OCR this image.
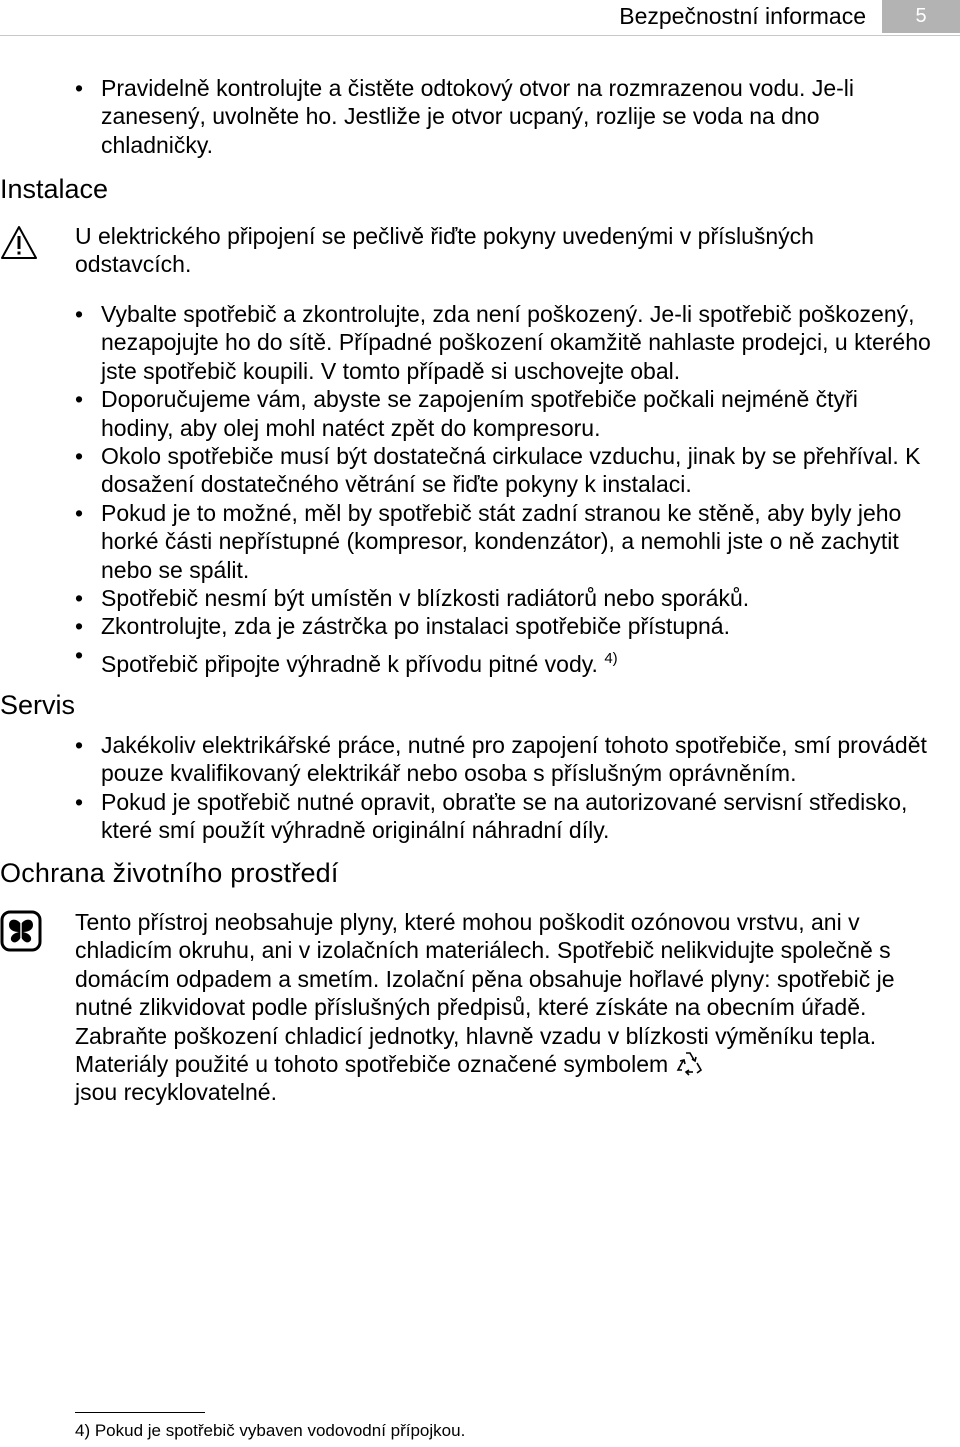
Bezpečnostní informace	5
• Pravidelně kontrolujte a čistěte odtokový otvor na rozmrazenou vodu. Je-li zanesený, uvolněte ho. Jestliže je otvor ucpaný, rozlije se voda na dno chladničky.
Instalace
U elektrického připojení se pečlivě řiďte pokyny uvedenými v příslušných odstavcích.
• Vybalte spotřebič a zkontrolujte, zda není poškozený. Je-li spotřebič poškozený, nezapojujte ho do sítě. Případné poškození okamžitě nahlaste prodejci, u kterého jste spotřebič koupili. V tomto případě si uschovejte obal.
• Doporučujeme vám, abyste se zapojením spotřebiče počkali nejméně čtyři hodiny, aby olej mohl natéct zpět do kompresoru.
• Okolo spotřebiče musí být dostatečná cirkulace vzduchu, jinak by se přehříval. K dosažení dostatečného větrání se řiďte pokyny k instalaci.
• Pokud je to možné, měl by spotřebič stát zadní stranou ke stěně, aby byly jeho horké části nepřístupné (kompresor, kondenzátor), a nemohli jste o ně zachytit nebo se spálit.
• Spotřebič nesmí být umístěn v blízkosti radiátorů nebo sporáků.
• Zkontrolujte, zda je zástrčka po instalaci spotřebiče přístupná.
• Spotřebič připojte výhradně k přívodu pitné vody. $^{4)}$
Servis
• Jakékoliv elektrikářské práce, nutné pro zapojení tohoto spotřebiče, smí provádět pouze kvalifikovaný elektrikář nebo osoba s příslušným oprávněním.
• Pokud je spotřebič nutné opravit, obraťte se na autorizované servisní středisko, které smí použít výhradně originální náhradní díly.
Ochrana životního prostředí
Tento přístroj neobsahuje plyny, které mohou poškodit ozónovou vrstvu, ani v chladicím okruhu, ani v izolačních materiálech. Spotřebič nelikvidujte společně s domácím odpadem a smetím. Izolační pěna obsahuje hořlavé plyny: spotřebič je nutné zlikvidovat podle příslušných předpisů, které získáte na obecním úřadě. Zabraňte poškození chladicí jednotky, hlavně vzadu v blízkosti výměníku tepla. Materiály použité u tohoto spotřebiče označené symbolem
jsou recyklovatelné.
4) Pokud je spotřebič vybaven vodovodní přípojkou.
